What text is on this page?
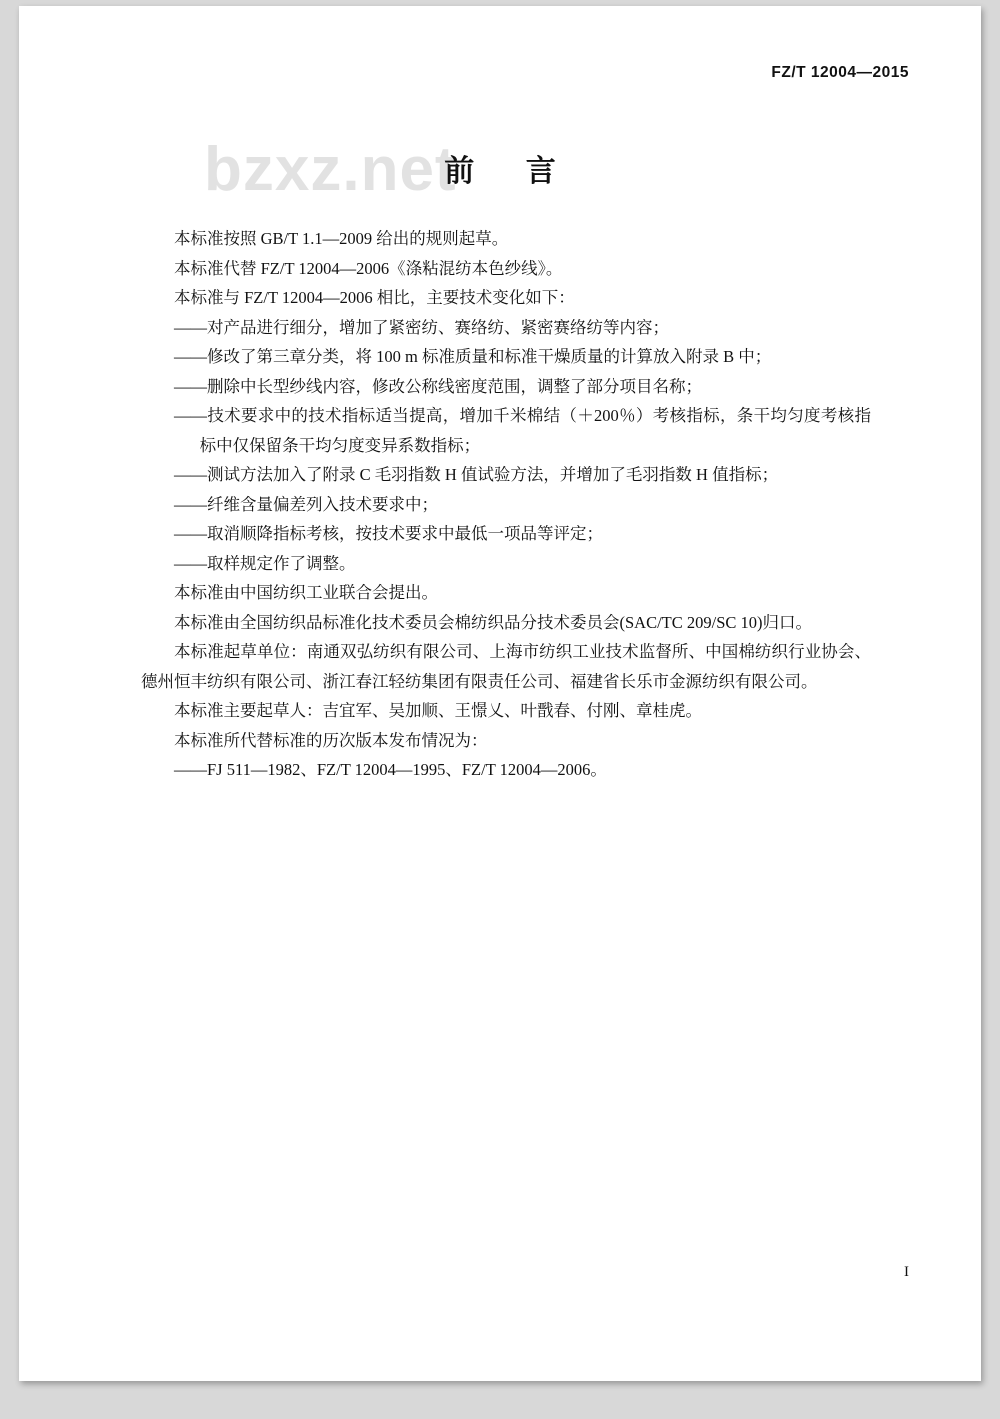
FZ/T 12004—2015
bzxz.net
前 言

本标准按照 GB/T 1.1—2009 给出的规则起草。

本标准代替 FZ/T 12004—2006《涤粘混纺本色纱线》。

本标准与 FZ/T 12004—2006 相比，主要技术变化如下：

——对产品进行细分，增加了紧密纺、赛络纺、紧密赛络纺等内容；

——修改了第三章分类，将 100 m 标准质量和标准干燥质量的计算放入附录 B 中；

——删除中长型纱线内容，修改公称线密度范围，调整了部分项目名称；

——技术要求中的技术指标适当提高，增加千米棉结（＋200％）考核指标，条干均匀度考核指标中仅保留条干均匀度变异系数指标；

——测试方法加入了附录 C 毛羽指数 H 值试验方法，并增加了毛羽指数 H 值指标；

——纤维含量偏差列入技术要求中；

——取消顺降指标考核，按技术要求中最低一项品等评定；

——取样规定作了调整。

本标准由中国纺织工业联合会提出。

本标准由全国纺织品标准化技术委员会棉纺织品分技术委员会(SAC/TC 209/SC 10)归口。

本标准起草单位：南通双弘纺织有限公司、上海市纺织工业技术监督所、中国棉纺织行业协会、德州恒丰纺织有限公司、浙江春江轻纺集团有限责任公司、福建省长乐市金源纺织有限公司。

本标准主要起草人：吉宜军、吴加顺、王憬乂、叶戬春、付刚、章桂虎。

本标准所代替标准的历次版本发布情况为：

——FJ 511—1982、FZ/T 12004—1995、FZ/T 12004—2006。

I
